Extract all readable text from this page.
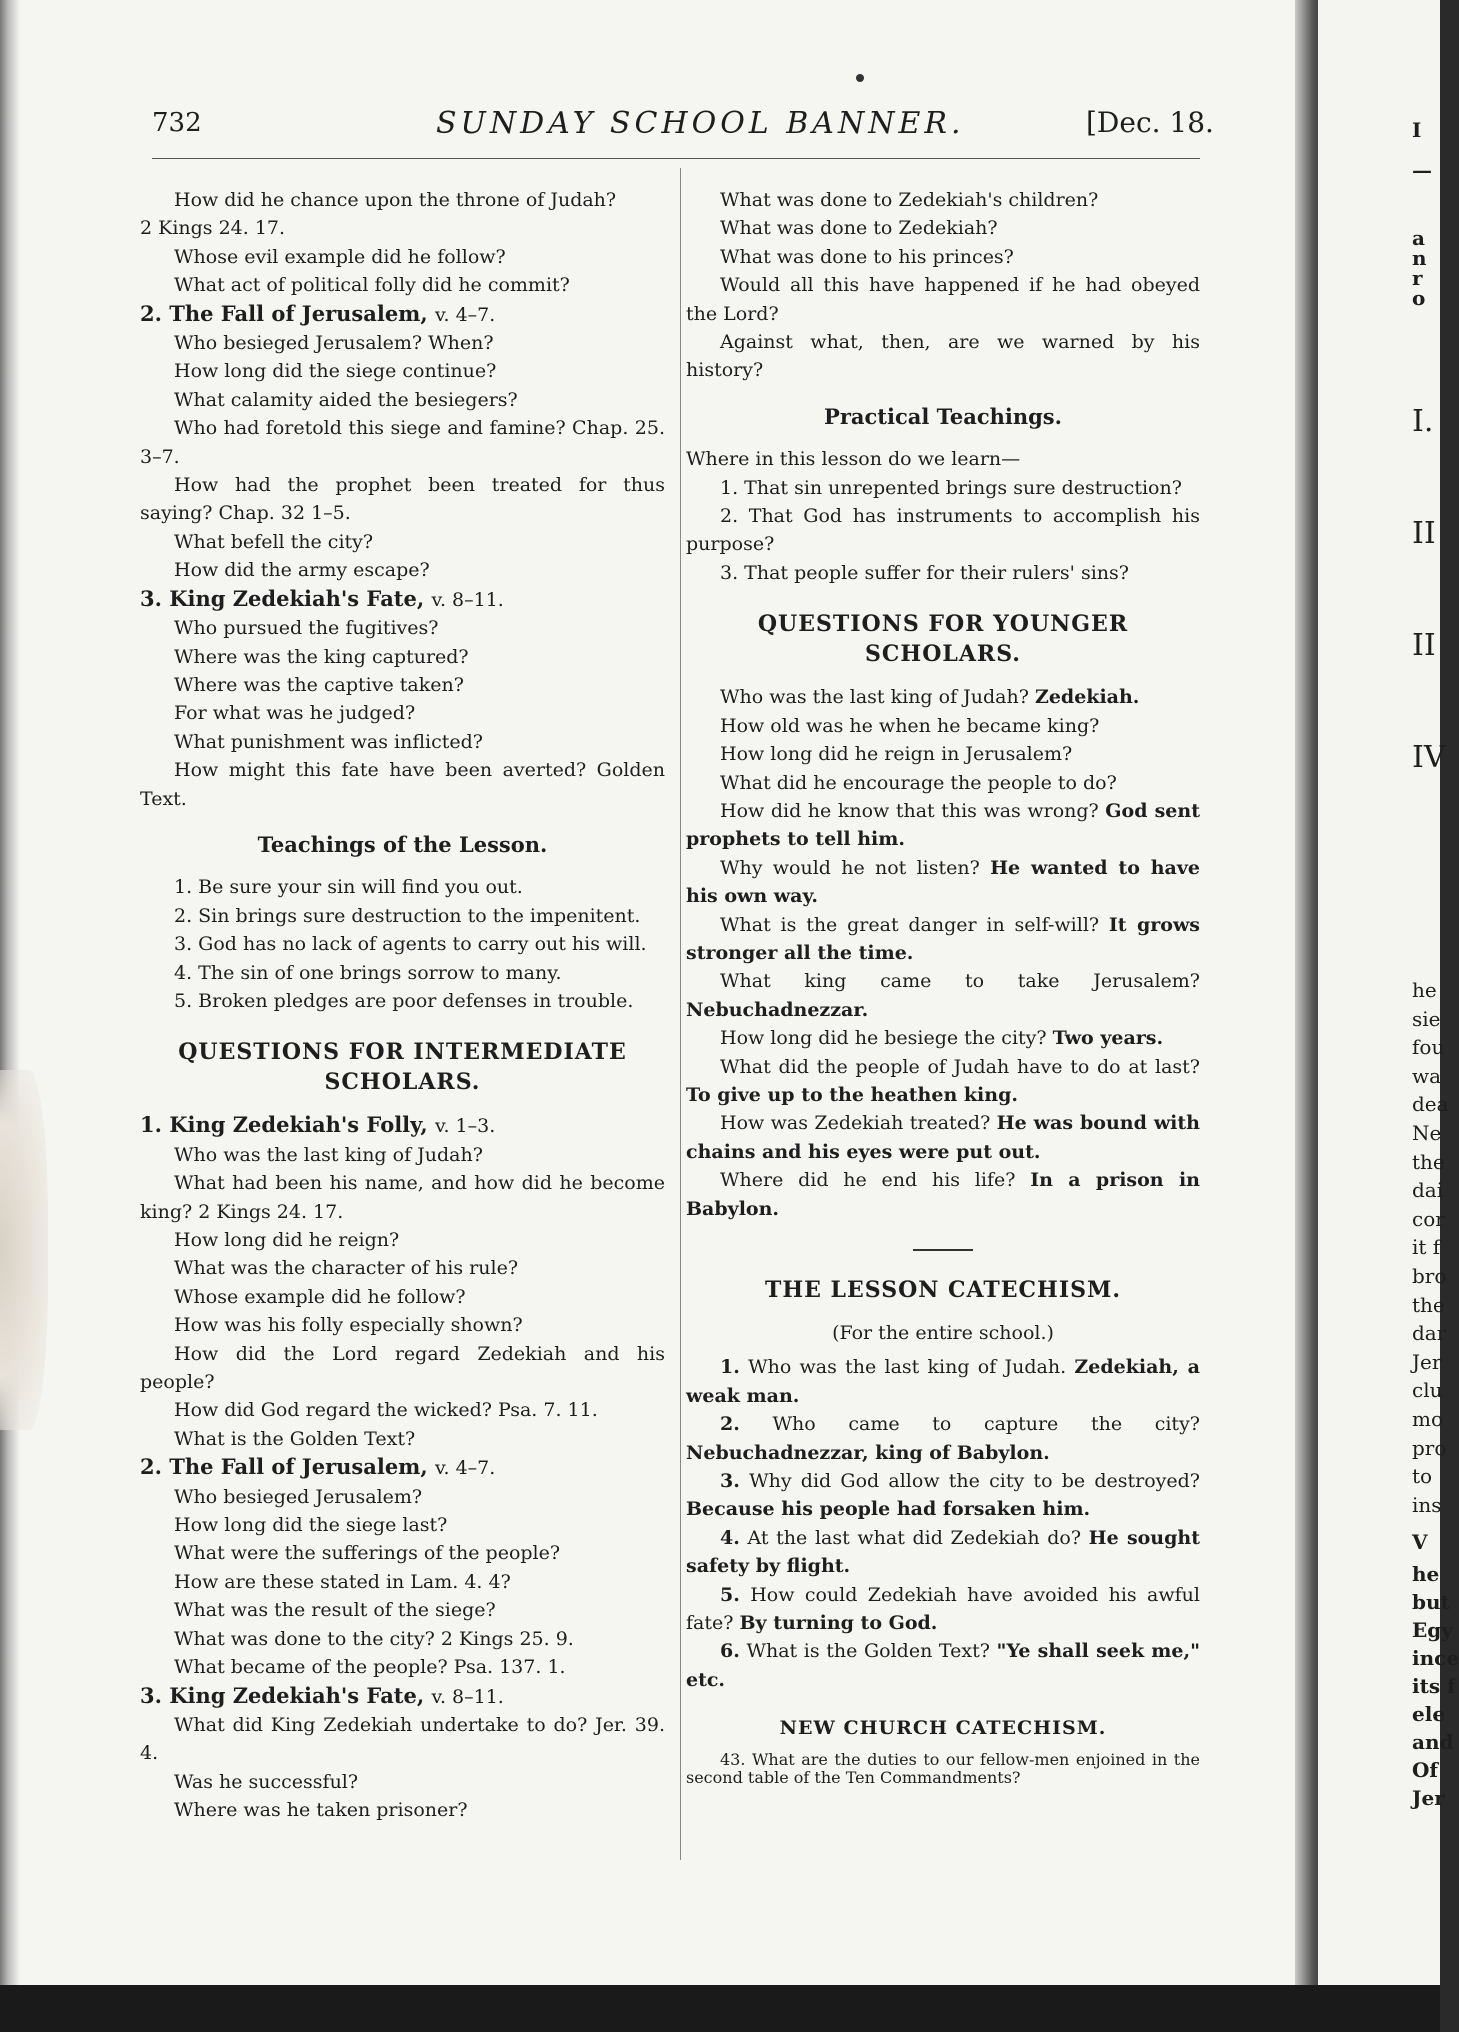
732	SUNDAY SCHOOL BANNER.	[Dec. 18.

How did he chance upon the throne of Judah?

2 Kings 24. 17.

Whose evil example did he follow?

What act of political folly did he commit?

2. The Fall of Jerusalem, v. 4–7.

Who besieged Jerusalem? When?

How long did the siege continue?

What calamity aided the besiegers?

Who had foretold this siege and famine? Chap. 25. 3–7.

How had the prophet been treated for thus saying? Chap. 32 1–5.

What befell the city?

How did the army escape?

3. King Zedekiah's Fate, v. 8–11.

Who pursued the fugitives?

Where was the king captured?

Where was the captive taken?

For what was he judged?

What punishment was inflicted?

How might this fate have been averted? Golden Text.

Teachings of the Lesson.

1. Be sure your sin will find you out.

2. Sin brings sure destruction to the impenitent.

3. God has no lack of agents to carry out his will.

4. The sin of one brings sorrow to many.

5. Broken pledges are poor defenses in trouble.

QUESTIONS FOR INTERMEDIATE SCHOLARS.

1. King Zedekiah's Folly, v. 1–3.

Who was the last king of Judah?

What had been his name, and how did he become king? 2 Kings 24. 17.

How long did he reign?

What was the character of his rule?

Whose example did he follow?

How was his folly especially shown?

How did the Lord regard Zedekiah and his people?

How did God regard the wicked? Psa. 7. 11.

What is the Golden Text?

2. The Fall of Jerusalem, v. 4–7.

Who besieged Jerusalem?

How long did the siege last?

What were the sufferings of the people?

How are these stated in Lam. 4. 4?

What was the result of the siege?

What was done to the city? 2 Kings 25. 9.

What became of the people? Psa. 137. 1.

3. King Zedekiah's Fate, v. 8–11.

What did King Zedekiah undertake to do? Jer. 39. 4.

Was he successful?

Where was he taken prisoner?

What was done to Zedekiah's children?

What was done to Zedekiah?

What was done to his princes?

Would all this have happened if he had obeyed the Lord?

Against what, then, are we warned by his history?

Practical Teachings.

Where in this lesson do we learn—

1. That sin unrepented brings sure destruction?

2. That God has instruments to accomplish his purpose?

3. That people suffer for their rulers' sins?

QUESTIONS FOR YOUNGER SCHOLARS.

Who was the last king of Judah? Zedekiah.

How old was he when he became king?

How long did he reign in Jerusalem?

What did he encourage the people to do?

How did he know that this was wrong? God sent prophets to tell him.

Why would he not listen? He wanted to have his own way.

What is the great danger in self-will? It grows stronger all the time.

What king came to take Jerusalem? Nebuchadnezzar.

How long did he besiege the city? Two years.

What did the people of Judah have to do at last? To give up to the heathen king.

How was Zedekiah treated? He was bound with chains and his eyes were put out.

Where did he end his life? In a prison in Babylon.

THE LESSON CATECHISM.

(For the entire school.)

1. Who was the last king of Judah. Zedekiah, a weak man.

2. Who came to capture the city? Nebuchadnezzar, king of Babylon.

3. Why did God allow the city to be destroyed? Because his people had forsaken him.

4. At the last what did Zedekiah do? He sought safety by flight.

5. How could Zedekiah have avoided his awful fate? By turning to God.

6. What is the Golden Text? "Ye shall seek me," etc.

NEW CHURCH CATECHISM.

43. What are the duties to our fellow-men enjoined in the second table of the Ten Commandments?

I
—
a
n
r
o
I.
II
II
IV
he
sie
fou
wa
dea
Ne
the
dai
cor
it f
bro
the
dar
Jer
clu
mo
pro
to
ins
V
he
but
Egy
ince
its f
ele
and
Of
Jer
